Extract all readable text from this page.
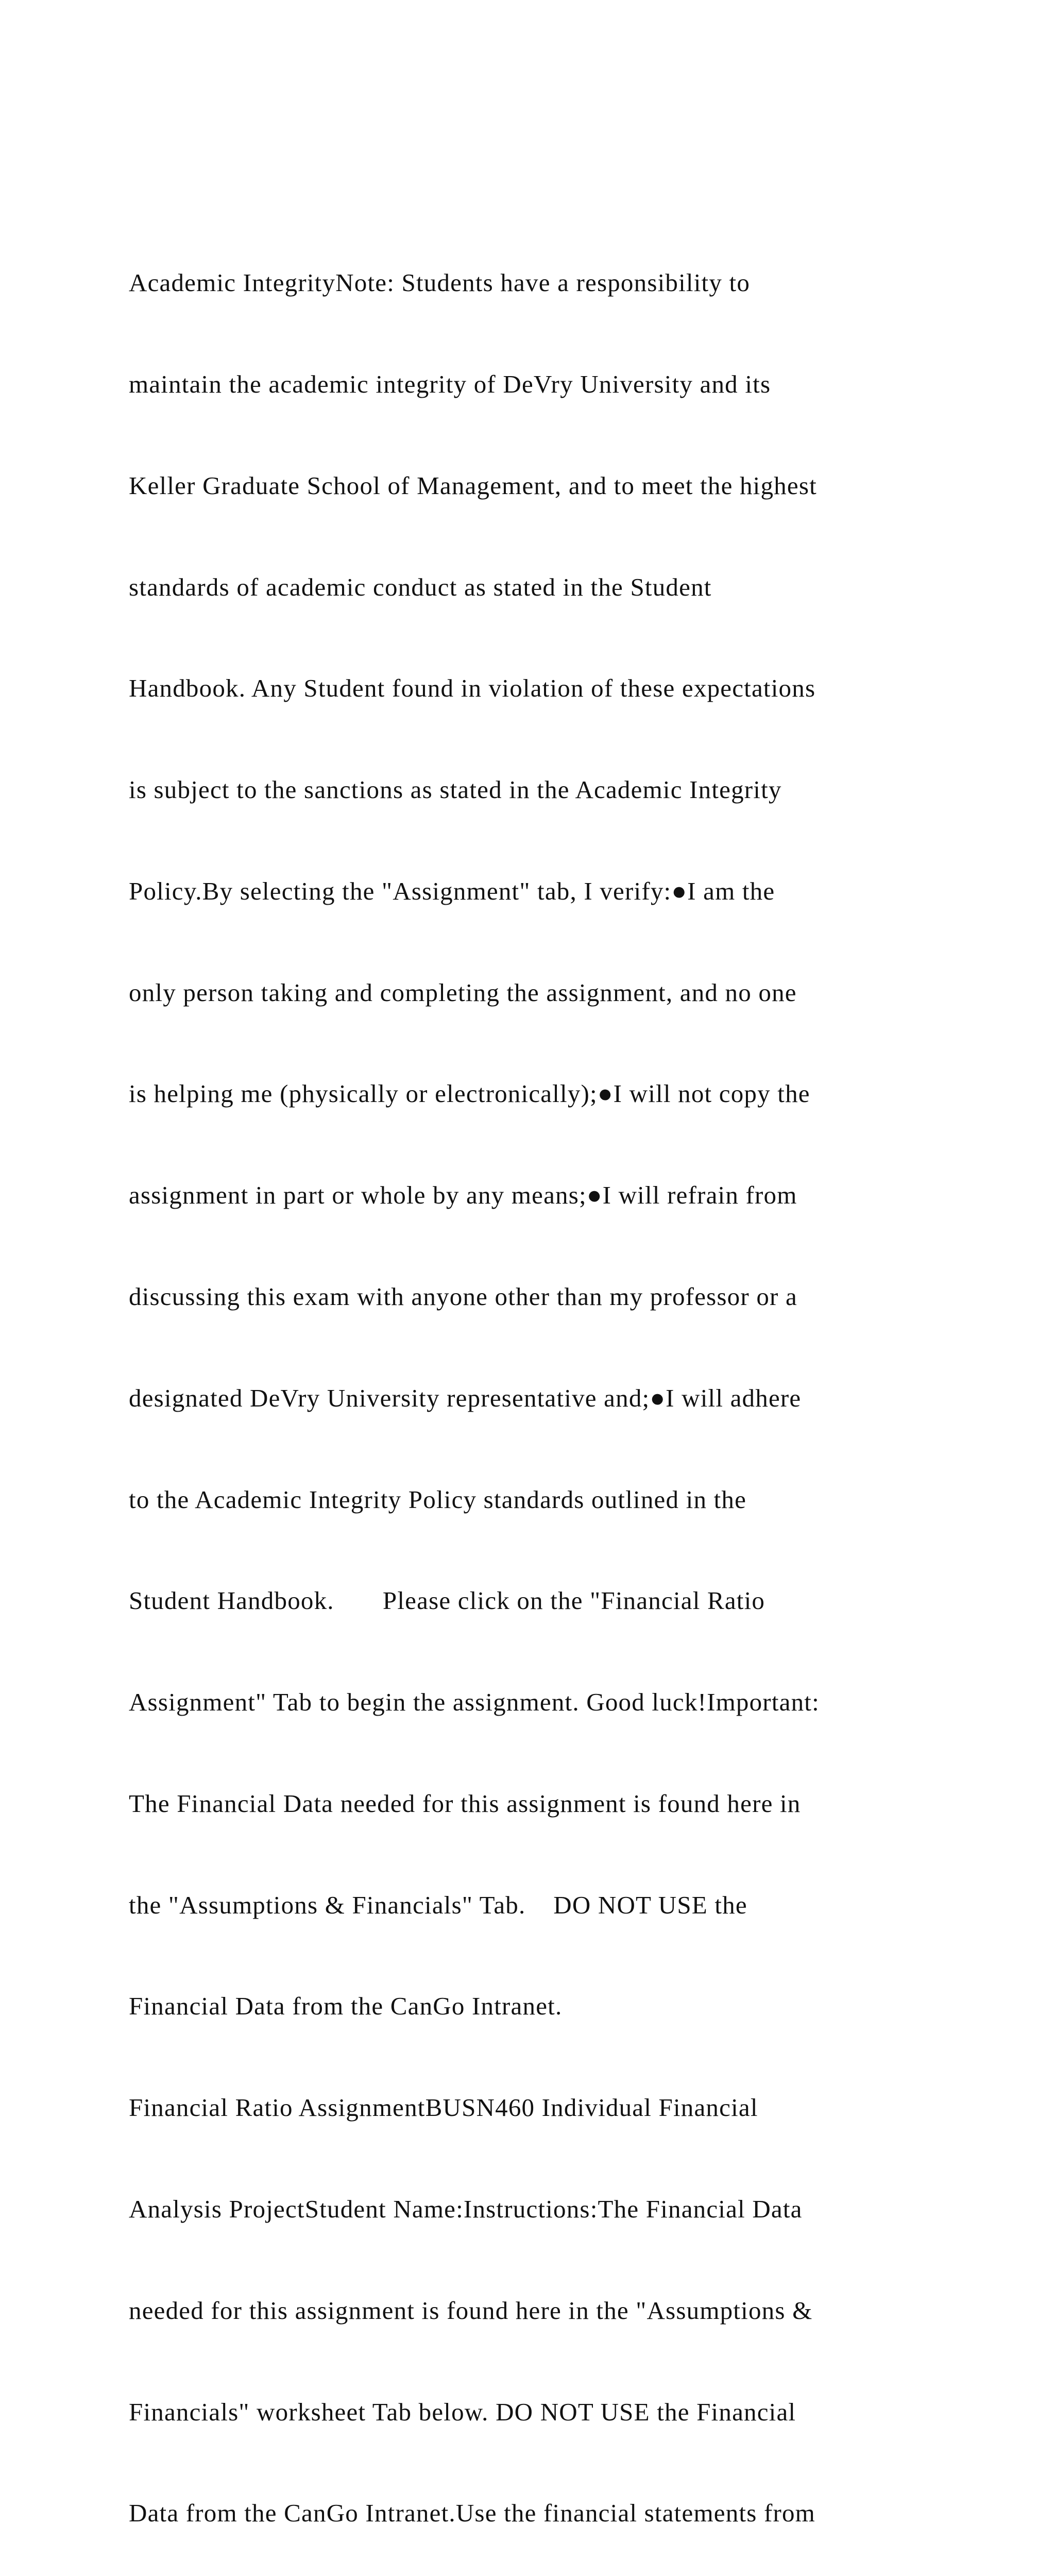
Academic IntegrityNote: Students have a responsibility to

maintain the academic integrity of DeVry University and its

Keller Graduate School of Management, and to meet the highest

standards of academic conduct as stated in the Student

Handbook. Any Student found in violation of these expectations

is subject to the sanctions as stated in the Academic Integrity

Policy.By selecting the "Assignment" tab, I verify:●I am the

only person taking and completing the assignment, and no one

is helping me (physically or electronically);●I will not copy the

assignment in part or whole by any means;●I will refrain from

discussing this exam with anyone other than my professor or a

designated DeVry University representative and;●I will adhere

to the Academic Integrity Policy standards outlined in the

Student Handbook.       Please click on the "Financial Ratio

Assignment" Tab to begin the assignment. Good luck!Important:

The Financial Data needed for this assignment is found here in

the "Assumptions & Financials" Tab.    DO NOT USE the

Financial Data from the CanGo Intranet.

Financial Ratio AssignmentBUSN460 Individual Financial

Analysis ProjectStudent Name:Instructions:The Financial Data

needed for this assignment is found here in the "Assumptions &

Financials" worksheet Tab below. DO NOT USE the Financial

Data from the CanGo Intranet.Use the financial statements from
